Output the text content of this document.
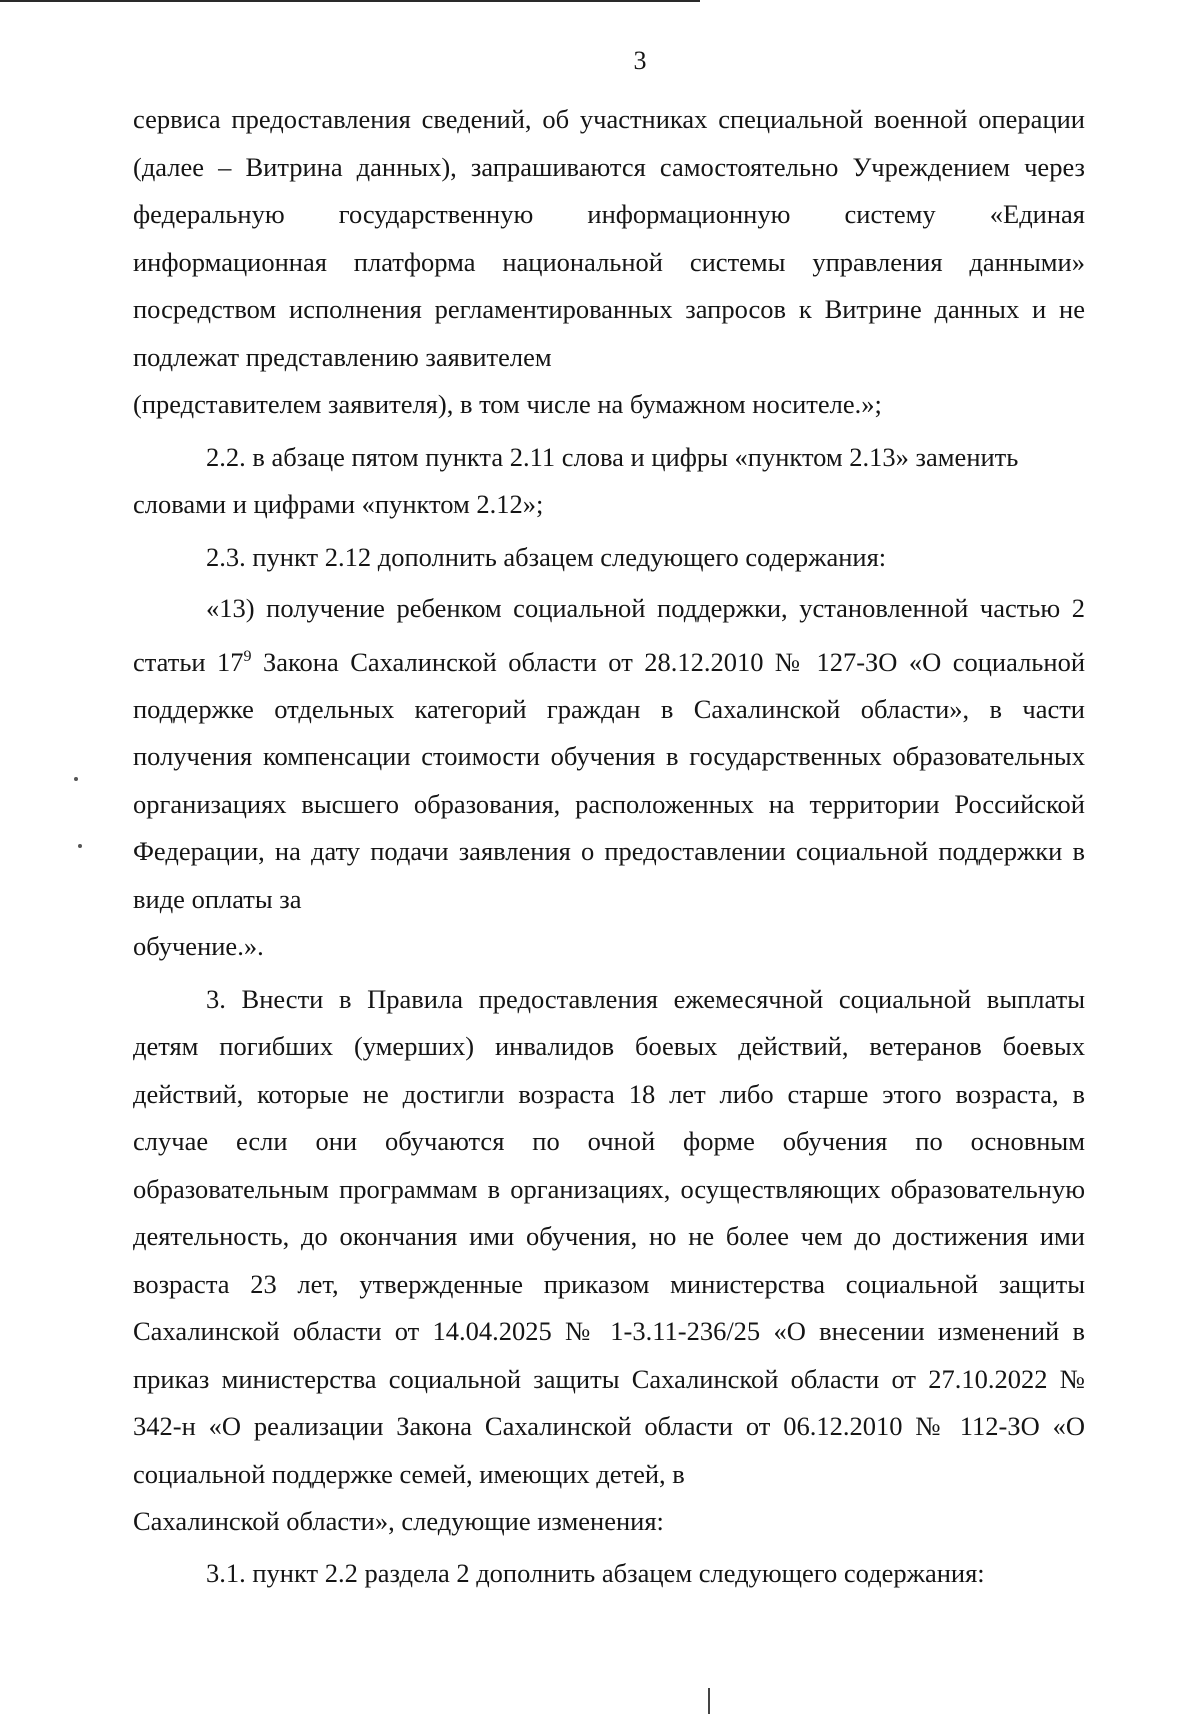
3
сервиса предоставления сведений, об участниках специальной военной операции (далее – Витрина данных), запрашиваются самостоятельно Учреждением через федеральную государственную информационную систему «Единая информационная платформа национальной системы управления данными» посредством исполнения регламентированных запросов к Витрине данных и не подлежат представлению заявителем
(представителем заявителя), в том числе на бумажном носителе.»;
2.2. в абзаце пятом пункта 2.11 слова и цифры «пунктом 2.13» заменить
словами и цифрами «пунктом 2.12»;
2.3. пункт 2.12 дополнить абзацем следующего содержания:
«13) получение ребенком социальной поддержки, установленной частью 2 статьи $17^9$ Закона Сахалинской области от 28.12.2010 № 127-ЗО «О социальной поддержке отдельных категорий граждан в Сахалинской области», в части получения компенсации стоимости обучения в государственных образовательных организациях высшего образования, расположенных на территории Российской Федерации, на дату подачи заявления о предоставлении социальной поддержки в виде оплаты за
обучение.».
3. Внести в Правила предоставления ежемесячной социальной выплаты детям погибших (умерших) инвалидов боевых действий, ветеранов боевых действий, которые не достигли возраста 18 лет либо старше этого возраста, в случае если они обучаются по очной форме обучения по основным образовательным программам в организациях, осуществляющих образовательную деятельность, до окончания ими обучения, но не более чем до достижения ими возраста 23 лет, утвержденные приказом министерства социальной защиты Сахалинской области от 14.04.2025 № 1-3.11-236/25 «О внесении изменений в приказ министерства социальной защиты Сахалинской области от 27.10.2022 № 342-н «О реализации Закона Сахалинской области от 06.12.2010 № 112-ЗО «О социальной поддержке семей, имеющих детей, в
Сахалинской области», следующие изменения:
3.1. пункт 2.2 раздела 2 дополнить абзацем следующего содержания:
